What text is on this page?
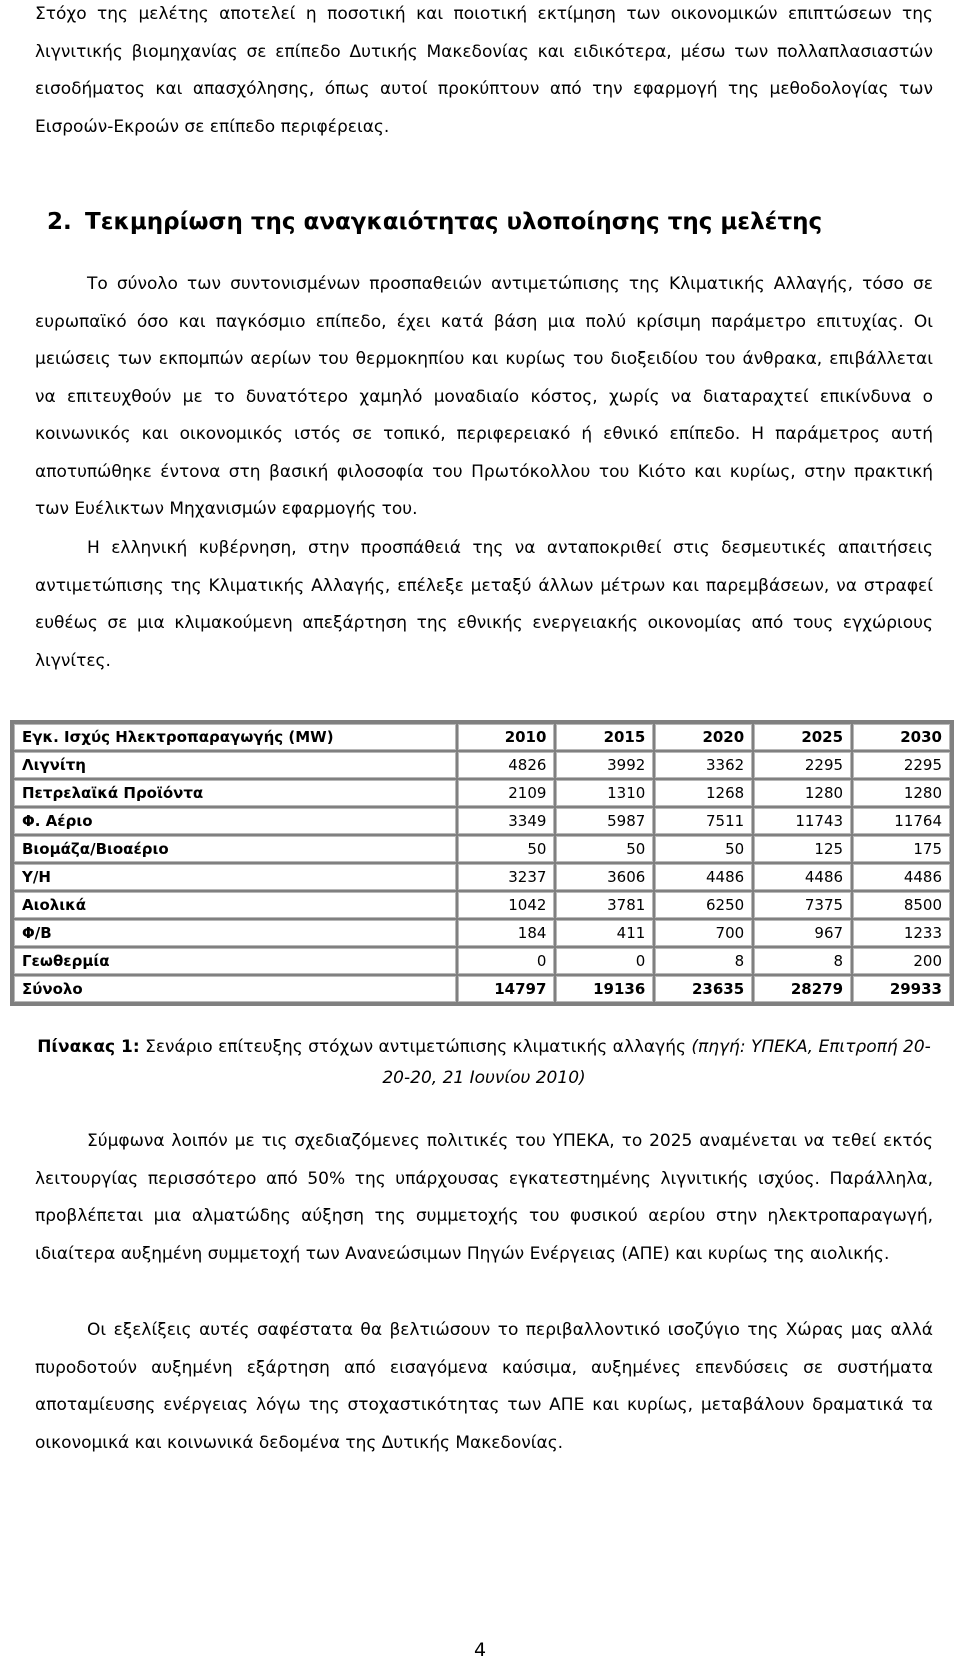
Στόχο της μελέτης αποτελεί η ποσοτική και ποιοτική εκτίμηση των οικονομικών επιπτώσεων της λιγνιτικής βιομηχανίας σε επίπεδο Δυτικής Μακεδονίας και ειδικότερα, μέσω των πολλαπλασιαστών εισοδήματος και απασχόλησης, όπως αυτοί προκύπτουν από την εφαρμογή της μεθοδολογίας των Εισροών-Εκροών σε επίπεδο περιφέρειας.

2. Τεκμηρίωση της αναγκαιότητας υλοποίησης της μελέτης

Το σύνολο των συντονισμένων προσπαθειών αντιμετώπισης της Κλιματικής Αλλαγής, τόσο σε ευρωπαϊκό όσο και παγκόσμιο επίπεδο, έχει κατά βάση μια πολύ κρίσιμη παράμετρο επιτυχίας. Οι μειώσεις των εκπομπών αερίων του θερμοκηπίου και κυρίως του διοξειδίου του άνθρακα, επιβάλλεται να επιτευχθούν με το δυνατότερο χαμηλό μοναδιαίο κόστος, χωρίς να διαταραχτεί επικίνδυνα ο κοινωνικός και οικονομικός ιστός σε τοπικό, περιφερειακό ή εθνικό επίπεδο. Η παράμετρος αυτή αποτυπώθηκε έντονα στη βασική φιλοσοφία του Πρωτόκολλου του Κιότο και κυρίως, στην πρακτική των Ευέλικτων Μηχανισμών εφαρμογής του.

Η ελληνική κυβέρνηση, στην προσπάθειά της να ανταποκριθεί στις δεσμευτικές απαιτήσεις αντιμετώπισης της Κλιματικής Αλλαγής, επέλεξε μεταξύ άλλων μέτρων και παρεμβάσεων, να στραφεί ευθέως σε μια κλιμακούμενη απεξάρτηση της εθνικής ενεργειακής οικονομίας από τους εγχώριους λιγνίτες.

Εγκ. Ισχύς Ηλεκτροπαραγωγής (MW)	2010	2015	2020	2025	2030
Λιγνίτη	4826	3992	3362	2295	2295
Πετρελαϊκά Προϊόντα	2109	1310	1268	1280	1280
Φ. Αέριο	3349	5987	7511	11743	11764
Βιομάζα/Βιοαέριο	50	50	50	125	175
Υ/Η	3237	3606	4486	4486	4486
Αιολικά	1042	3781	6250	7375	8500
Φ/Β	184	411	700	967	1233
Γεωθερμία	0	0	8	8	200
Σύνολο	14797	19136	23635	28279	29933

Πίνακας 1: Σενάριο επίτευξης στόχων αντιμετώπισης κλιματικής αλλαγής (πηγή: ΥΠΕΚΑ, Επιτροπή 20-20-20, 21 Ιουνίου 2010)

Σύμφωνα λοιπόν με τις σχεδιαζόμενες πολιτικές του ΥΠΕΚΑ, το 2025 αναμένεται να τεθεί εκτός λειτουργίας περισσότερο από 50% της υπάρχουσας εγκατεστημένης λιγνιτικής ισχύος. Παράλληλα, προβλέπεται μια αλματώδης αύξηση της συμμετοχής του φυσικού αερίου στην ηλεκτροπαραγωγή, ιδιαίτερα αυξημένη συμμετοχή των Ανανεώσιμων Πηγών Ενέργειας (ΑΠΕ) και κυρίως της αιολικής.

Οι εξελίξεις αυτές σαφέστατα θα βελτιώσουν το περιβαλλοντικό ισοζύγιο της Χώρας μας αλλά πυροδοτούν αυξημένη εξάρτηση από εισαγόμενα καύσιμα, αυξημένες επενδύσεις σε συστήματα αποταμίευσης ενέργειας λόγω της στοχαστικότητας των ΑΠΕ και κυρίως, μεταβάλουν δραματικά τα οικονομικά και κοινωνικά δεδομένα της Δυτικής Μακεδονίας.

4
